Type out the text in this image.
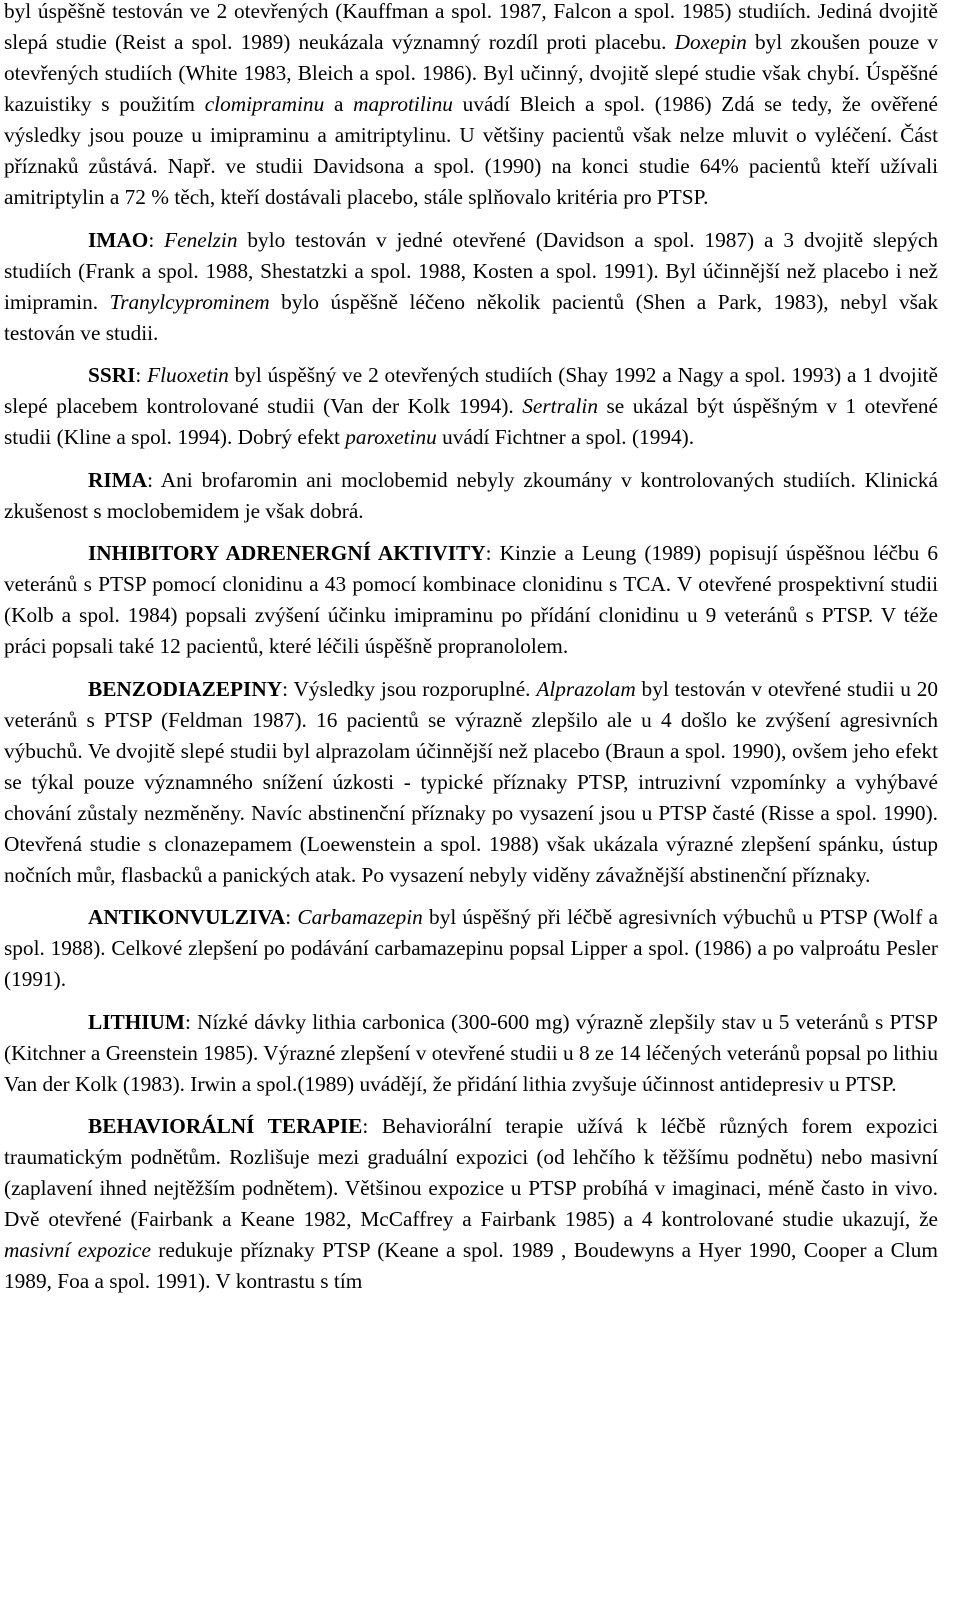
byl úspěšně testován ve 2 otevřených (Kauffman a spol. 1987, Falcon a spol. 1985) studiích. Jediná dvojitě slepá studie (Reist a spol. 1989) neukázala významný rozdíl proti placebu. Doxepin byl zkoušen pouze v otevřených studiích (White 1983, Bleich a spol. 1986). Byl učinný, dvojitě slepé studie však chybí. Úspěšné kazuistiky s použitím clomipraminu a maprotilinu uvádí Bleich a spol. (1986) Zdá se tedy, že ověřené výsledky jsou pouze u imipraminu a amitriptylinu. U většiny pacientů však nelze mluvit o vyléčení. Část příznaků zůstává. Např. ve studii Davidsona a spol. (1990) na konci studie 64% pacientů kteří užívali amitriptylin a 72 % těch, kteří dostávali placebo, stále splňovalo kritéria pro PTSP.

IMAO: Fenelzin bylo testován v jedné otevřené (Davidson a spol. 1987) a 3 dvojitě slepých studiích (Frank a spol. 1988, Shestatzki a spol. 1988, Kosten a spol. 1991). Byl účinnější než placebo i než imipramin. Tranylcyprominem bylo úspěšně léčeno několik pacientů (Shen a Park, 1983), nebyl však testován ve studii.

SSRI: Fluoxetin byl úspěšný ve 2 otevřených studiích (Shay 1992 a Nagy a spol. 1993) a 1 dvojitě slepé placebem kontrolované studii (Van der Kolk 1994). Sertralin se ukázal být úspěšným v 1 otevřené studii (Kline a spol. 1994). Dobrý efekt paroxetinu uvádí Fichtner a spol. (1994).

RIMA: Ani brofaromin ani moclobemid nebyly zkoumány v kontrolovaných studiích. Klinická zkušenost s moclobemidem je však dobrá.

INHIBITORY ADRENERGNÍ AKTIVITY: Kinzie a Leung (1989) popisují úspěšnou léčbu 6 veteránů s PTSP pomocí clonidinu a 43 pomocí kombinace clonidinu s TCA. V otevřené prospektivní studii (Kolb a spol. 1984) popsali zvýšení účinku imipraminu po přídání clonidinu u 9 veteránů s PTSP. V téže práci popsali také 12 pacientů, které léčili úspěšně propranololem.

BENZODIAZEPINY: Výsledky jsou rozporuplné. Alprazolam byl testován v otevřené studii u 20 veteránů s PTSP (Feldman 1987). 16 pacientů se výrazně zlepšilo ale u 4 došlo ke zvýšení agresivních výbuchů. Ve dvojitě slepé studii byl alprazolam účinnější než placebo (Braun a spol. 1990), ovšem jeho efekt se týkal pouze významného snížení úzkosti - typické příznaky PTSP, intruzivní vzpomínky a vyhýbavé chování zůstaly nezměněny. Navíc abstinenční příznaky po vysazení jsou u PTSP časté (Risse a spol. 1990). Otevřená studie s clonazepamem (Loewenstein a spol. 1988) však ukázala výrazné zlepšení spánku, ústup nočních můr, flasbacků a panických atak. Po vysazení nebyly viděny závažnější abstinenční příznaky.

ANTIKONVULZIVA: Carbamazepin byl úspěšný při léčbě agresivních výbuchů u PTSP (Wolf a spol. 1988). Celkové zlepšení po podávání carbamazepinu popsal Lipper a spol. (1986) a po valproátu Pesler (1991).

LITHIUM: Nízké dávky lithia carbonica (300-600 mg) výrazně zlepšily stav u 5 veteránů s PTSP (Kitchner a Greenstein 1985). Výrazné zlepšení v otevřené studii u 8 ze 14 léčených veteránů popsal po lithiu Van der Kolk (1983). Irwin a spol.(1989) uvádějí, že přidání lithia zvyšuje účinnost antidepresiv u PTSP.

BEHAVIORÁLNÍ TERAPIE: Behaviorální terapie užívá k léčbě různých forem expozici traumatickým podnětům. Rozlišuje mezi graduální expozici (od lehčího k těžšímu podnětu) nebo masivní (zaplavení ihned nejtěžším podnětem). Většinou expozice u PTSP probíhá v imaginaci, méně často in vivo. Dvě otevřené (Fairbank a Keane 1982, McCaffrey a Fairbank 1985) a 4 kontrolované studie ukazují, že masivní expozice redukuje příznaky PTSP (Keane a spol. 1989 , Boudewyns a Hyer 1990, Cooper a Clum 1989, Foa a spol. 1991). V kontrastu s tím
